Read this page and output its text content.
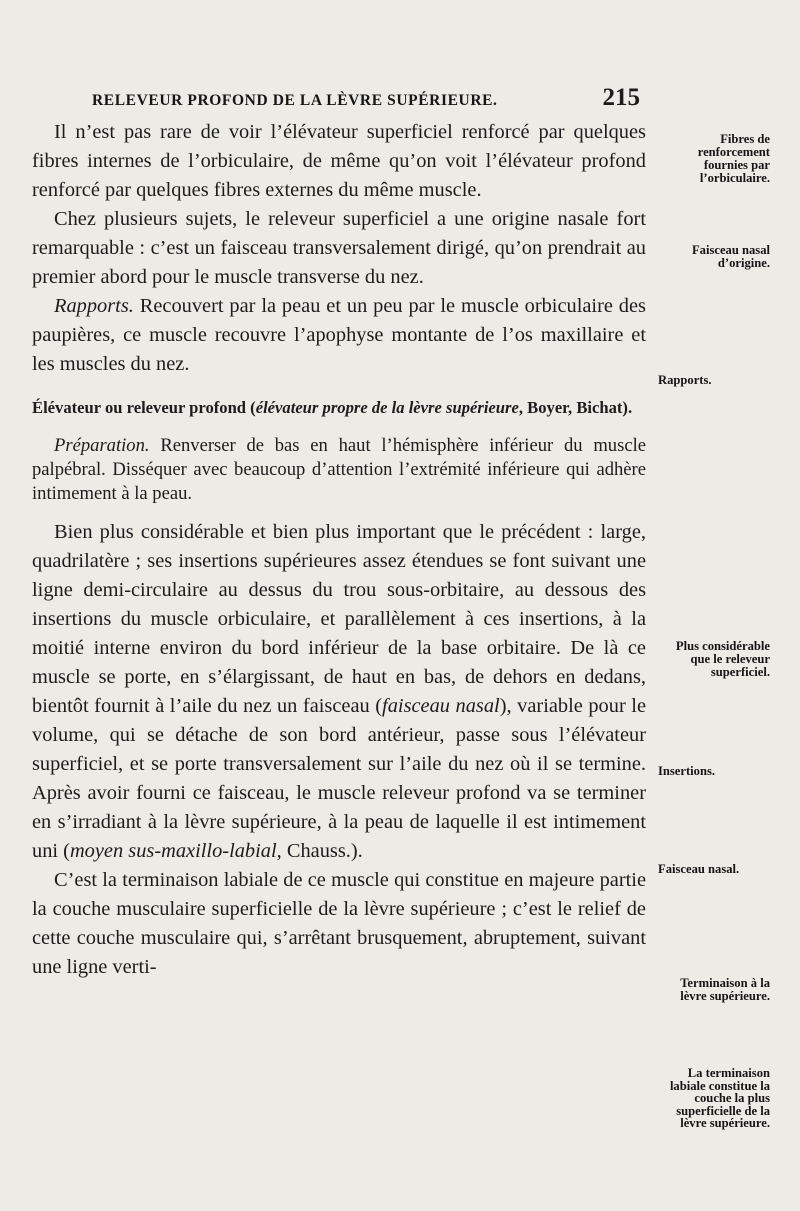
RELEVEUR PROFOND DE LA LÈVRE SUPÉRIEURE.	215

Il n’est pas rare de voir l’élévateur superficiel renforcé par quelques fibres internes de l’orbiculaire, de même qu’on voit l’élévateur profond renforcé par quelques fibres externes du même muscle.

Chez plusieurs sujets, le releveur superficiel a une origine nasale fort remarquable : c’est un faisceau transversalement dirigé, qu’on prendrait au premier abord pour le muscle transverse du nez.

Rapports. Recouvert par la peau et un peu par le muscle orbiculaire des paupières, ce muscle recouvre l’apophyse montante de l’os maxillaire et les muscles du nez.

Élévateur ou releveur profond (élévateur propre de la lèvre supérieure, Boyer, Bichat).

Préparation. Renverser de bas en haut l’hémisphère inférieur du muscle palpébral. Disséquer avec beaucoup d’attention l’extrémité inférieure qui adhère intimement à la peau.

Bien plus considérable et bien plus important que le précédent : large, quadrilatère ; ses insertions supérieures assez étendues se font suivant une ligne demi-circulaire au dessus du trou sous-orbitaire, au dessous des insertions du muscle orbiculaire, et parallèlement à ces insertions, à la moitié interne environ du bord inférieur de la base orbitaire. De là ce muscle se porte, en s’élargissant, de haut en bas, de dehors en dedans, bientôt fournit à l’aile du nez un faisceau (faisceau nasal), variable pour le volume, qui se détache de son bord antérieur, passe sous l’élévateur superficiel, et se porte transversalement sur l’aile du nez où il se termine. Après avoir fourni ce faisceau, le muscle releveur profond va se terminer en s’irradiant à la lèvre supérieure, à la peau de laquelle il est intimement uni (moyen sus-maxillo-labial, Chauss.).

C’est la terminaison labiale de ce muscle qui constitue en majeure partie la couche musculaire superficielle de la lèvre supérieure ; c’est le relief de cette couche musculaire qui, s’arrêtant brusquement, abruptement, suivant une ligne verti-

Fibres de renforcement fournies par l’orbiculaire.
Faisceau nasal d’origine.
Rapports.
Plus considérable que le releveur superficiel.
Insertions.
Faisceau nasal.
Terminaison à la lèvre supérieure.
La terminaison labiale constitue la couche la plus superficielle de la lèvre supérieure.
